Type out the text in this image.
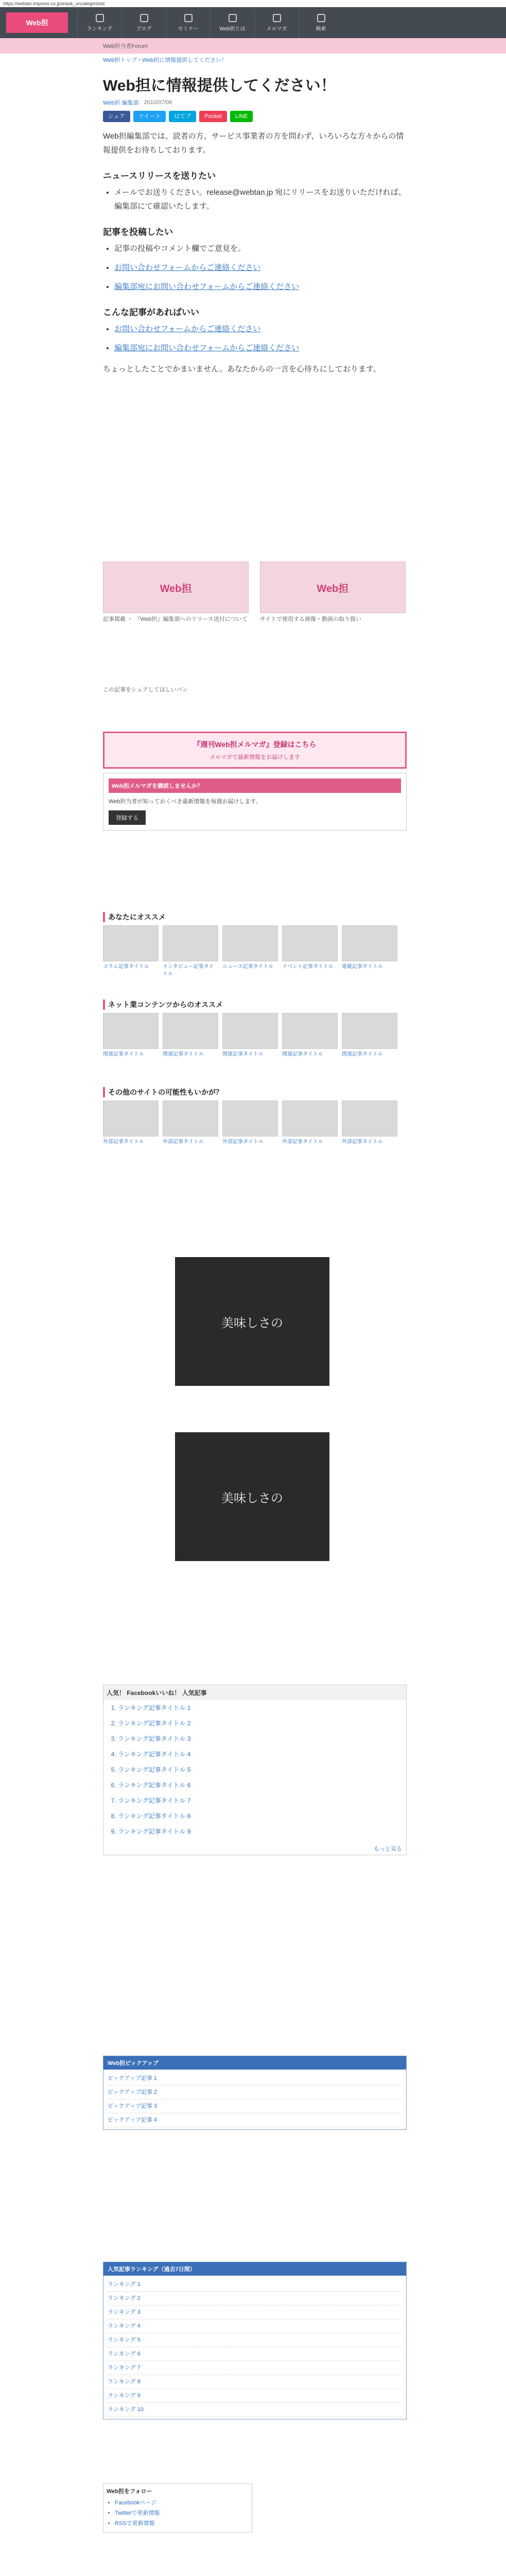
https://webtan.impress.co.jp/e/ask_uncategorized
Web担
ランキング	ブログ	セミナー	Web担とは	メルマガ	検索
Web担当者Forum
Web担トップ › Web担に情報提供してください！
Web担に情報提供してください！
Web担 編集部 2010/07/06
シェア	ツイート	はてブ	Pocket	LINE

Web担編集部では、読者の方、サービス事業者の方を問わず、いろいろな方々からの情報提供をお待ちしております。

ニュースリリースを送りたい
• メールでお送りください。release@webtan.jp 宛にリリースをお送りいただければ、編集部にて確認いたします。
記事を投稿したい
• 記事の投稿やコメント欄でご意見を。
• お問い合わせフォームからご連絡ください
• 編集部宛にお問い合わせフォームからご連絡ください
こんな記事があればいい
• お問い合わせフォームからご連絡ください
• 編集部宛にお問い合わせフォームからご連絡ください

ちょっとしたことでかまいません。あなたからの一言を心待ちにしております。

Web担
記事掲載 ・ 『Web担』編集部へのリリース送付について

Web担
サイトで使用する画像・動画の取り扱い
この記事をシェアしてほしいパン
『週刊Web担メルマガ』登録はこちら
メルマガで最新情報をお届けします
Web担メルマガを購読しませんか？
Web担当者が知っておくべき最新情報を毎週お届けします。
登録する
あなたにオススメ
コラム記事タイトル	インタビュー記事タイトル
ニュース記事タイトル	イベント記事タイトル	連載記事タイトル
ネット業コンテンツからのオススメ
関連記事タイトル	関連記事タイトル	関連記事タイトル	関連記事タイトル	関連記事タイトル
その他のサイトの可能性もいかが？
外部記事タイトル	外部記事タイトル	外部記事タイトル	外部記事タイトル	外部記事タイトル
美味しさの
美味しさの
人気！ Facebookいいね！ 人気記事
1. ランキング記事タイトル 1
2. ランキング記事タイトル 2
3. ランキング記事タイトル 3
4. ランキング記事タイトル 4
5. ランキング記事タイトル 5
6. ランキング記事タイトル 6
7. ランキング記事タイトル 7
8. ランキング記事タイトル 8
9. ランキング記事タイトル 9
もっと見る
Web担ピックアップ
ピックアップ記事 1
ピックアップ記事 2
ピックアップ記事 3
ピックアップ記事 4
人気記事ランキング（過去7日間）
ランキング 1
ランキング 2
ランキング 3
ランキング 4
ランキング 5
ランキング 6
ランキング 7
ランキング 8
ランキング 9
ランキング 10
Web担をフォロー
• Facebookページ
• Twitterで更新情報
• RSSで更新情報
